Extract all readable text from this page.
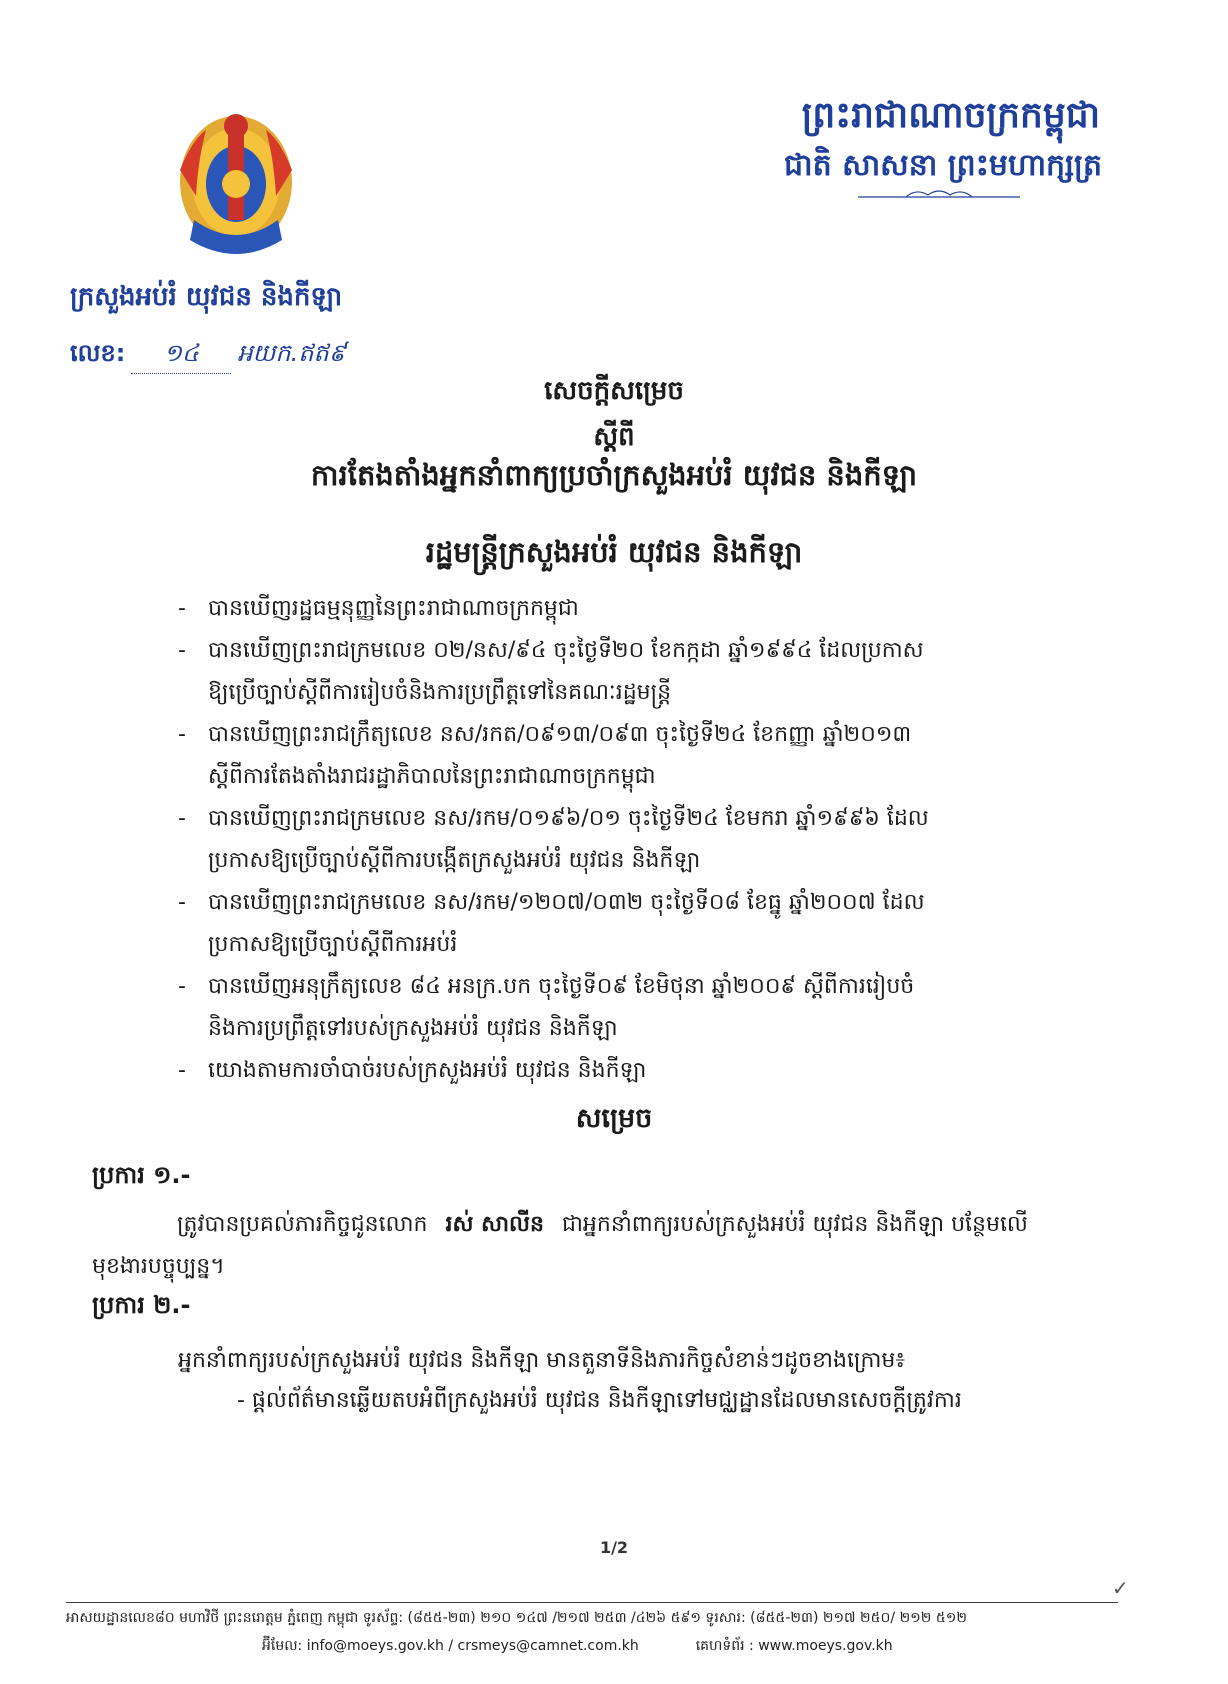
ព្រះរាជាណាចក្រកម្ពុជា
ជាតិ សាសនា ព្រះមហាក្សត្រ
ក្រសួងអប់រំ យុវជន និងកីឡា
លេខ: ១៤ អយក.ឥឥ៩
សេចក្តីសម្រេច
ស្តីពី
ការតែងតាំងអ្នកនាំពាក្យប្រចាំក្រសួងអប់រំ យុវជន និងកីឡា
រដ្ឋមន្ត្រីក្រសួងអប់រំ យុវជន និងកីឡា
- បានឃើញរដ្ឋធម្មនុញ្ញនៃព្រះរាជាណាចក្រកម្ពុជា
- បានឃើញព្រះរាជក្រមលេខ ០២/នស/៩៤ ចុះថ្ងៃទី២០ ខែកក្កដា ឆ្នាំ១៩៩៤ ដែលប្រកាស
ឱ្យប្រើច្បាប់ស្តីពីការរៀបចំនិងការប្រព្រឹត្តទៅនៃគណៈរដ្ឋមន្ត្រី
- បានឃើញព្រះរាជក្រឹត្យលេខ នស/រកត/០៩១៣/០៩៣ ចុះថ្ងៃទី២៤ ខែកញ្ញា ឆ្នាំ២០១៣
ស្តីពីការតែងតាំងរាជរដ្ឋាភិបាលនៃព្រះរាជាណាចក្រកម្ពុជា
- បានឃើញព្រះរាជក្រមលេខ នស/រកម/០១៩៦/០១ ចុះថ្ងៃទី២៤ ខែមករា ឆ្នាំ១៩៩៦ ដែល
ប្រកាសឱ្យប្រើច្បាប់ស្តីពីការបង្កើតក្រសួងអប់រំ យុវជន និងកីឡា
- បានឃើញព្រះរាជក្រមលេខ នស/រកម/១២០៧/០៣២ ចុះថ្ងៃទី០៨ ខែធ្នូ ឆ្នាំ២០០៧ ដែល
ប្រកាសឱ្យប្រើច្បាប់ស្តីពីការអប់រំ
- បានឃើញអនុក្រឹត្យលេខ ៨៤ អនក្រ.បក ចុះថ្ងៃទី០៩ ខែមិថុនា ឆ្នាំ២០០៩ ស្តីពីការរៀបចំ
និងការប្រព្រឹត្តទៅរបស់ក្រសួងអប់រំ យុវជន និងកីឡា
- យោងតាមការចាំបាច់របស់ក្រសួងអប់រំ យុវជន និងកីឡា
សម្រេច
ប្រការ ១.-
ត្រូវបានប្រគល់ភារកិច្ចជូនលោក រស់ សាលីន ជាអ្នកនាំពាក្យរបស់ក្រសួងអប់រំ យុវជន និងកីឡា បន្ថែមលើមុខងារបច្ចុប្បន្ន។
ប្រការ ២.-
អ្នកនាំពាក្យរបស់ក្រសួងអប់រំ យុវជន និងកីឡា មានតួនាទីនិងភារកិច្ចសំខាន់ៗដូចខាងក្រោម៖
- ផ្តល់ព័ត៌មានឆ្លើយតបអំពីក្រសួងអប់រំ យុវជន និងកីឡាទៅមជ្ឈដ្ឋានដែលមានសេចក្តីត្រូវការ
1/2
✓
អាសយដ្ឋានលេខ៨០ មហាវិថី ព្រះនរោត្តម ភ្នំពេញ កម្ពុជា ទូរស័ព្ទ: (៨៥៥-២៣) ២១០ ១៤៧ /២១៧ ២៥៣ /៤២៦ ៥៩១ ទូរសារ: (៨៥៥-២៣) ២១៧ ២៥០/ ២១២ ៥១២
អ៊ីមែល: info@moeys.gov.kh / crsmeys@camnet.com.kh	គេហទំព័រ : www.moeys.gov.kh
